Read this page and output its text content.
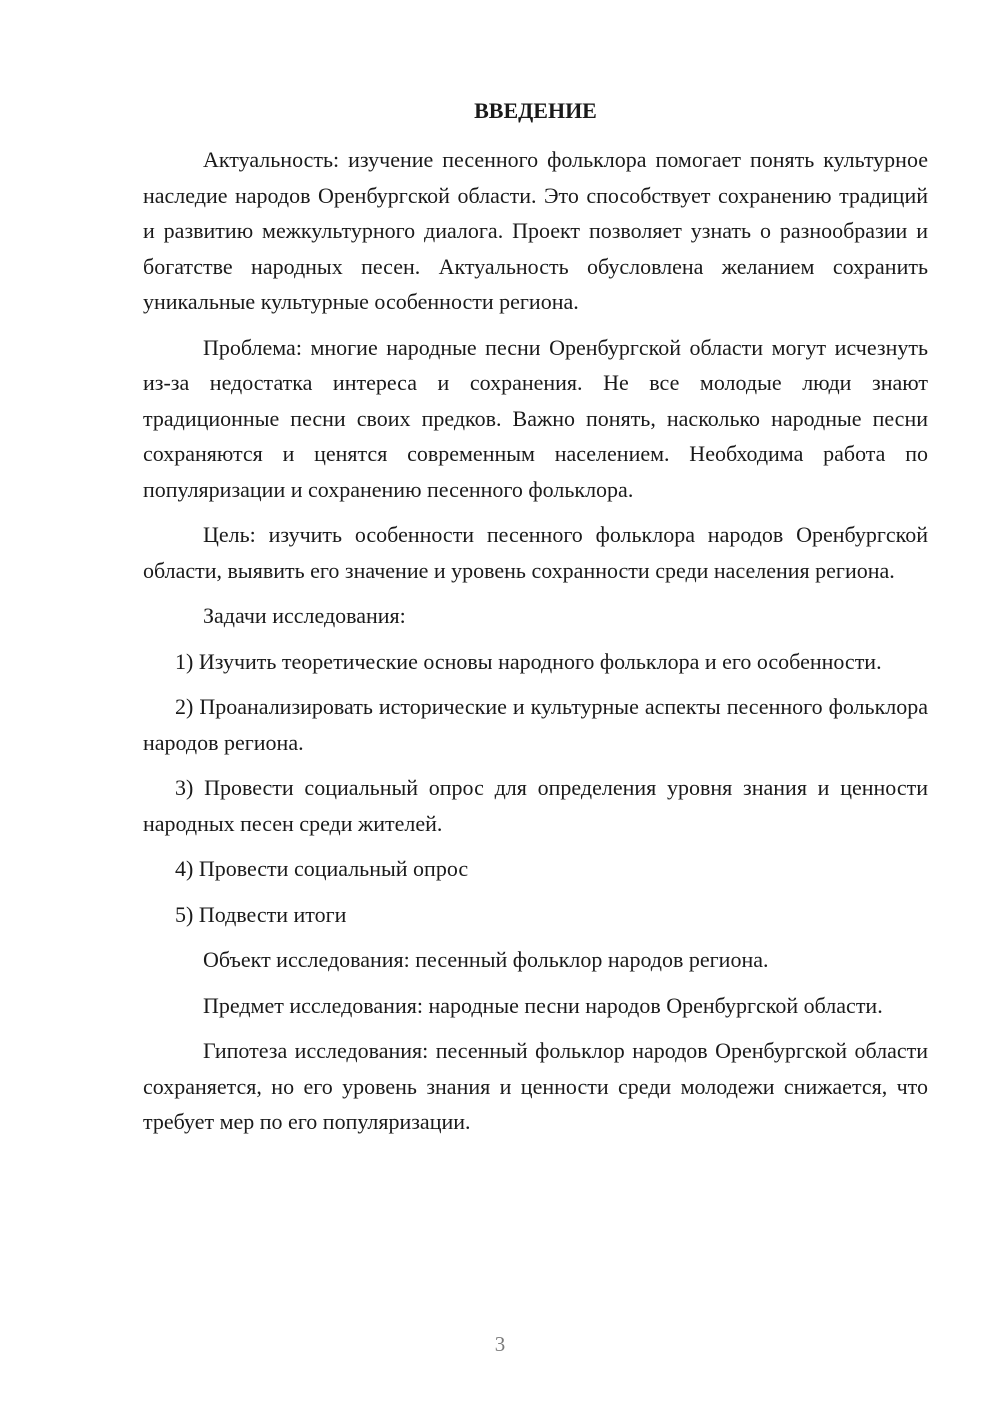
ВВЕДЕНИЕ

Актуальность: изучение песенного фольклора помогает понять культурное наследие народов Оренбургской области. Это способствует сохранению традиций и развитию межкультурного диалога. Проект позволяет узнать о разнообразии и богатстве народных песен. Актуальность обусловлена желанием сохранить уникальные культурные особенности региона.

Проблема: многие народные песни Оренбургской области могут исчезнуть из-за недостатка интереса и сохранения. Не все молодые люди знают традиционные песни своих предков. Важно понять, насколько народные песни сохраняются и ценятся современным населением. Необходима работа по популяризации и сохранению песенного фольклора.

Цель: изучить особенности песенного фольклора народов Оренбургской области, выявить его значение и уровень сохранности среди населения региона.

Задачи исследования:

1) Изучить теоретические основы народного фольклора и его особенности.

2) Проанализировать исторические и культурные аспекты песенного фольклора народов региона.

3) Провести социальный опрос для определения уровня знания и ценности народных песен среди жителей.

4) Провести социальный опрос

5) Подвести итоги

Объект исследования: песенный фольклор народов региона.

Предмет исследования: народные песни народов Оренбургской области.

Гипотеза исследования: песенный фольклор народов Оренбургской области сохраняется, но его уровень знания и ценности среди молодежи снижается, что требует мер по его популяризации.

3
